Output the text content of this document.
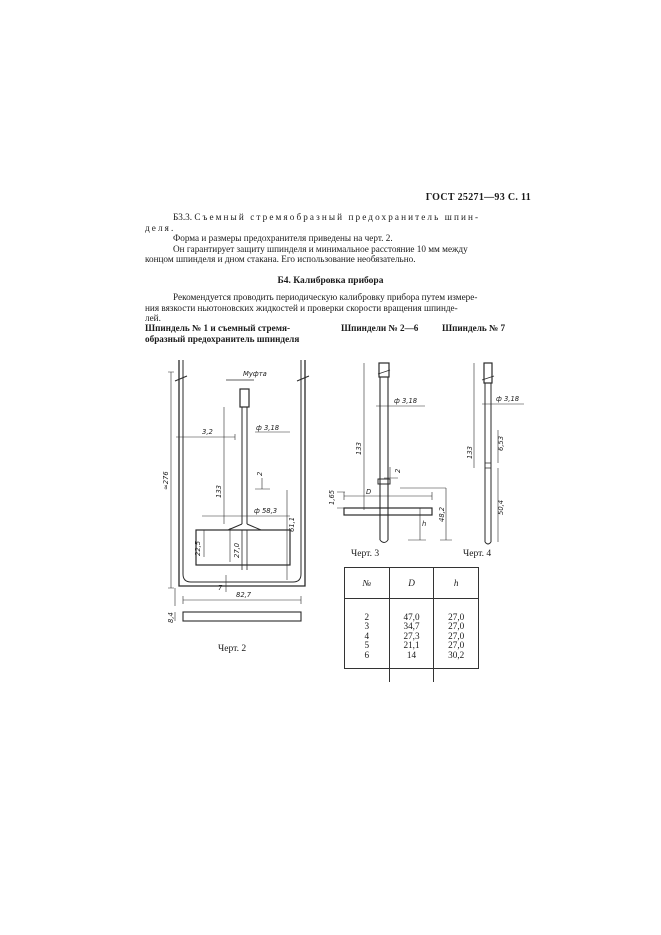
ГОСТ 25271—93 С. 11
Б3.3. Съемный стремяобразный предохранитель шпин-
деля.
Форма и размеры предохранителя приведены на черт. 2.
Он гарантирует защиту шпинделя и минимальное расстояние 10 мм между
концом шпинделя и дном стакана. Его использование необязательно.
Б4. Калибровка прибора
Рекомендуется проводить периодическую калибровку прибора путем измере-
ния вязкости ньютоновских жидкостей и проверки скорости вращения шпинде-
лей.
Шпиндель № 1 и съемный стремя-
образный предохранитель шпинделя
Шпиндели № 2—6	Шпиндель № 7
Муфта
ф 3,18
3,2
≈276
133
2
ф 58,3
22,5	27,0
61,1
7
82,7
8,4
ф 3,18
133
2
1,65	D
h
48,2
ф 3,18
133
6,53
50,4
Черт. 2
Черт. 3	Черт. 4
№	D	h

2	47,0	27,0
3	34,7	27,0
4	27,3	27,0
5	21,1	27,0
6	14	30,2
